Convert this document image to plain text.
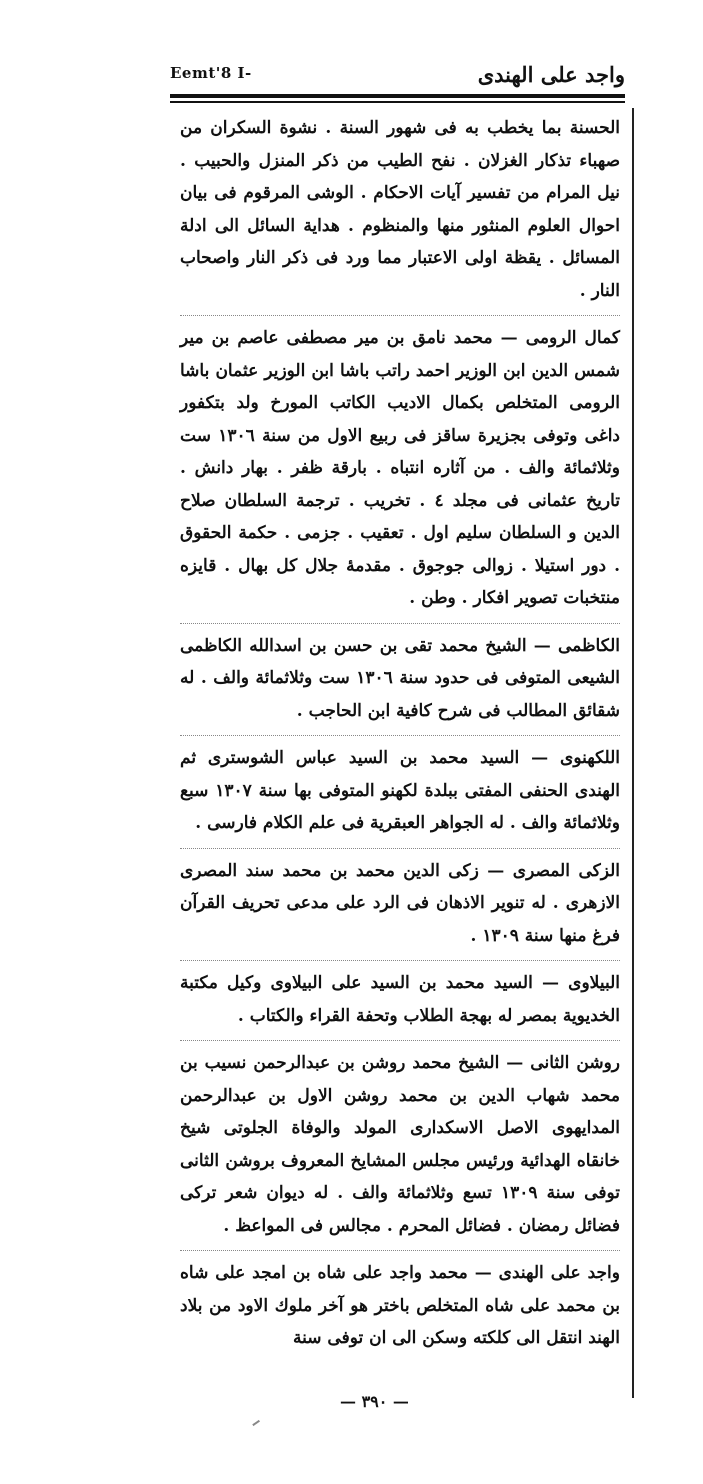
Eemt'8 I-	واجد على الهندى

الحسنة بما يخطب به فى شهور السنة . نشوة السكران من صهباء تذكار الغزلان . نفح الطيب من ذكر المنزل والحبيب . نيل المرام من تفسير آيات الاحكام . الوشى المرقوم فى بيان احوال العلوم المنثور منها والمنظوم . هداية السائل الى ادلة المسائل . يقظة اولى الاعتبار مما ورد فى ذكر النار واصحاب النار .

كمال الرومى — محمد نامق بن مير مصطفى عاصم بن مير شمس الدين ابن الوزير احمد راتب باشا ابن الوزير عثمان باشا الرومى المتخلص بكمال الاديب الكاتب المورخ ولد بتكفور داغى وتوفى بجزيرة ساقز فى ربيع الاول من سنة ١٣٠٦ ست وثلاثمائة والف . من آثاره انتباه . بارقة ظفر . بهار دانش . تاريخ عثمانى فى مجلد ٤ . تخريب . ترجمة السلطان صلاح الدين و السلطان سليم اول . تعقيب . جزمى . حكمة الحقوق . دور استيلا . زوالى جوجوق . مقدمهٔ جلال كل بهال . قايزه منتخبات تصوير افكار . وطن .

الكاظمى — الشيخ محمد تقى بن حسن بن اسدالله الكاظمى الشيعى المتوفى فى حدود سنة ١٣٠٦ ست وثلاثمائة والف . له شقائق المطالب فى شرح كافية ابن الحاجب .

اللكهنوى — السيد محمد بن السيد عباس الشوسترى ثم الهندى الحنفى المفتى ببلدة لكهنو المتوفى بها سنة ١٣٠٧ سبع وثلاثمائة والف . له الجواهر العبقرية فى علم الكلام فارسى .

الزكى المصرى — زكى الدين محمد بن محمد سند المصرى الازهرى . له تنوير الاذهان فى الرد على مدعى تحريف القرآن فرغ منها سنة ١٣٠٩ .

البيلاوى — السيد محمد بن السيد على البيلاوى وكيل مكتبة الخديوية بمصر له بهجة الطلاب وتحفة القراء والكتاب .

روشن الثانى — الشيخ محمد روشن بن عبدالرحمن نسيب بن محمد شهاب الدين بن محمد روشن الاول بن عبدالرحمن المدايهوى الاصل الاسكدارى المولد والوفاة الجلوتى شيخ خانقاه الهدائية ورئيس مجلس المشايخ المعروف بروشن الثانى توفى سنة ١٣٠٩ تسع وثلاثمائة والف . له ديوان شعر تركى فضائل رمضان . فضائل المحرم . مجالس فى المواعظ .

واجد على الهندى — محمد واجد على شاه بن امجد على شاه بن محمد على شاه المتخلص باختر هو آخر ملوك الاود من بلاد الهند انتقل الى كلكته وسكن الى ان توفى سنة

— ٣٩٠ —
